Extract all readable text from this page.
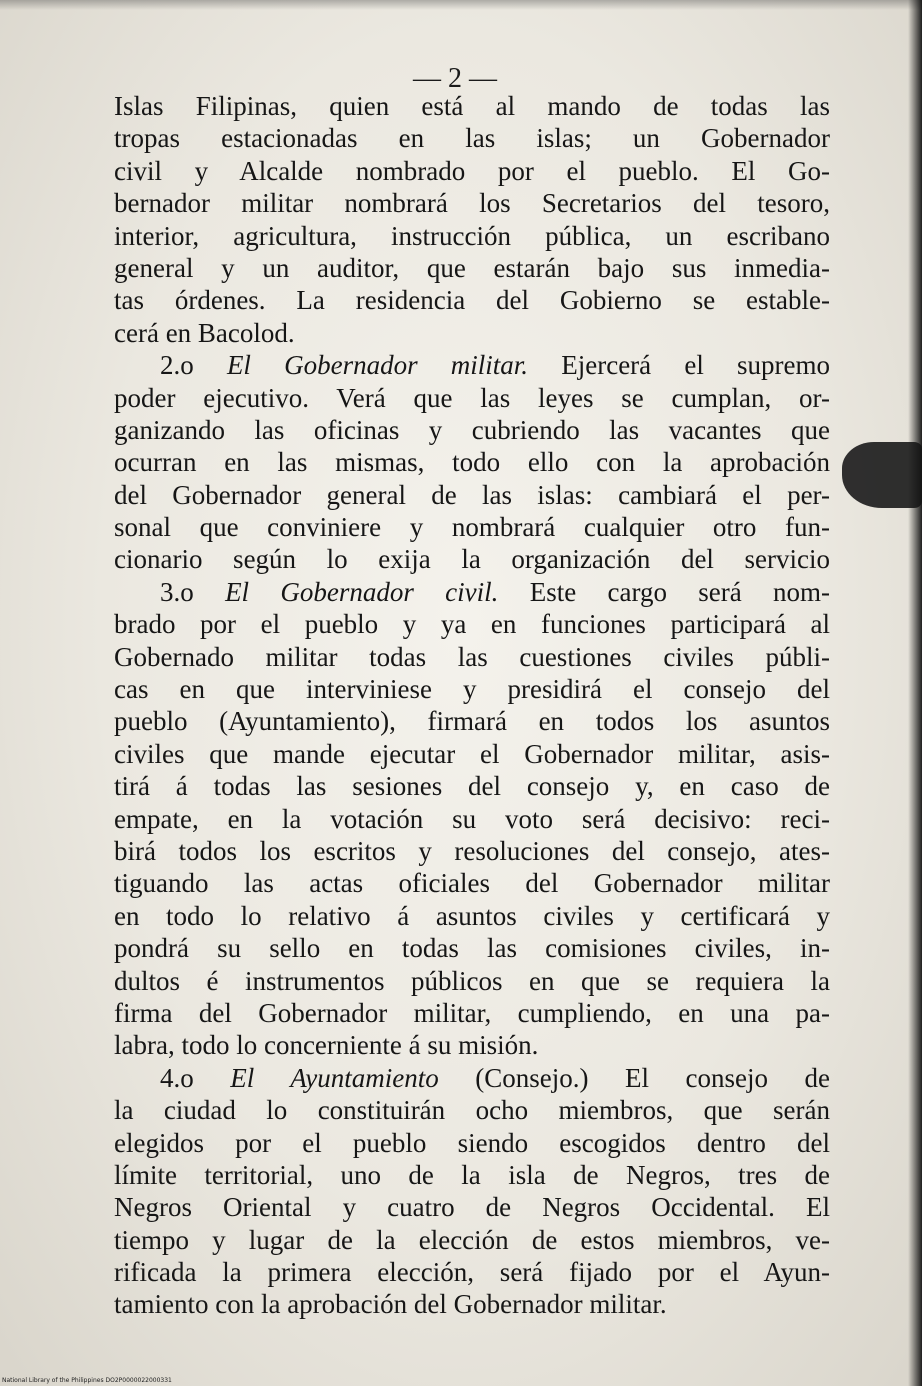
— 2 —
Islas Filipinas, quien está al mando de todas las
tropas estacionadas en las islas; un Gobernador
civil y Alcalde nombrado por el pueblo. El Go-
bernador militar nombrará los Secretarios del tesoro,
interior, agricultura, instrucción pública, un escribano
general y un auditor, que estarán bajo sus inmedia-
tas órdenes. La residencia del Gobierno se estable-
cerá en Bacolod.
2.o El Gobernador militar. Ejercerá el supremo
poder ejecutivo. Verá que las leyes se cumplan, or-
ganizando las oficinas y cubriendo las vacantes que
ocurran en las mismas, todo ello con la aprobación
del Gobernador general de las islas: cambiará el per-
sonal que conviniere y nombrará cualquier otro fun-
cionario según lo exija la organización del servicio
3.o El Gobernador civil. Este cargo será nom-
brado por el pueblo y ya en funciones participará al
Gobernado militar todas las cuestiones civiles públi-
cas en que interviniese y presidirá el consejo del
pueblo (Ayuntamiento), firmará en todos los asuntos
civiles que mande ejecutar el Gobernador militar, asis-
tirá á todas las sesiones del consejo y, en caso de
empate, en la votación su voto será decisivo: reci-
birá todos los escritos y resoluciones del consejo, ates-
tiguando las actas oficiales del Gobernador militar
en todo lo relativo á asuntos civiles y certificará y
pondrá su sello en todas las comisiones civiles, in-
dultos é instrumentos públicos en que se requiera la
firma del Gobernador militar, cumpliendo, en una pa-
labra, todo lo concerniente á su misión.
4.o El Ayuntamiento (Consejo.) El consejo de
la ciudad lo constituirán ocho miembros, que serán
elegidos por el pueblo siendo escogidos dentro del
límite territorial, uno de la isla de Negros, tres de
Negros Oriental y cuatro de Negros Occidental. El
tiempo y lugar de la elección de estos miembros, ve-
rificada la primera elección, será fijado por el Ayun-
tamiento con la aprobación del Gobernador militar.
National Library of the Philippines DO2P0000022000331
